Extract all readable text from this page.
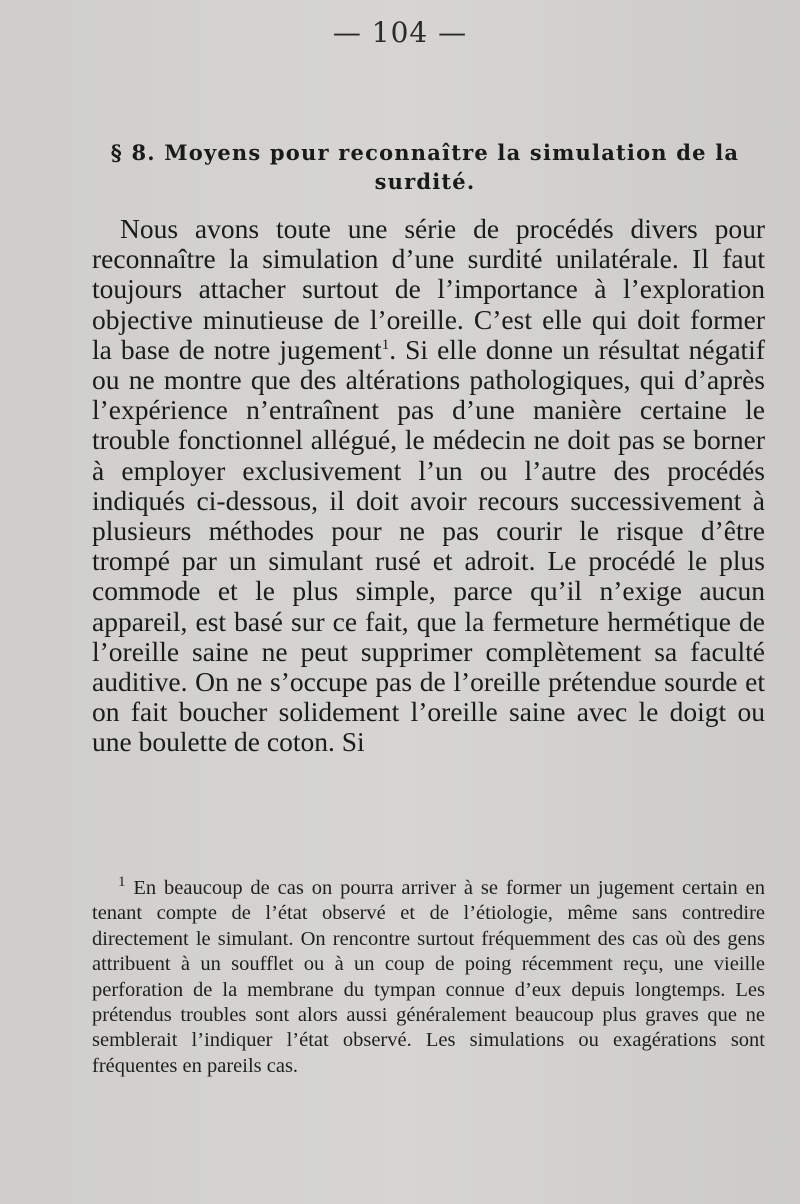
— 104 —
§ 8. Moyens pour reconnaître la simulation de la surdité.

Nous avons toute une série de procédés divers pour reconnaître la simulation d’une surdité unilatérale. Il faut toujours attacher surtout de l’importance à l’exploration objective minutieuse de l’oreille. C’est elle qui doit former la base de notre jugement$^1$. Si elle donne un résultat négatif ou ne montre que des altérations pathologiques, qui d’après l’expérience n’entraînent pas d’une manière certaine le trouble fonctionnel allégué, le médecin ne doit pas se borner à employer exclusivement l’un ou l’autre des procédés indiqués ci-dessous, il doit avoir recours successivement à plusieurs méthodes pour ne pas courir le risque d’être trompé par un simulant rusé et adroit. Le procédé le plus commode et le plus simple, parce qu’il n’exige aucun appareil, est basé sur ce fait, que la fermeture hermétique de l’oreille saine ne peut supprimer complètement sa faculté auditive. On ne s’occupe pas de l’oreille prétendue sourde et on fait boucher solidement l’oreille saine avec le doigt ou une boulette de coton. Si

$^1$ En beaucoup de cas on pourra arriver à se former un jugement certain en tenant compte de l’état observé et de l’étiologie, même sans contredire directement le simulant. On rencontre surtout fréquemment des cas où des gens attribuent à un soufflet ou à un coup de poing récemment reçu, une vieille perforation de la membrane du tympan connue d’eux depuis longtemps. Les prétendus troubles sont alors aussi généralement beaucoup plus graves que ne semblerait l’indiquer l’état observé. Les simulations ou exagérations sont fréquentes en pareils cas.
